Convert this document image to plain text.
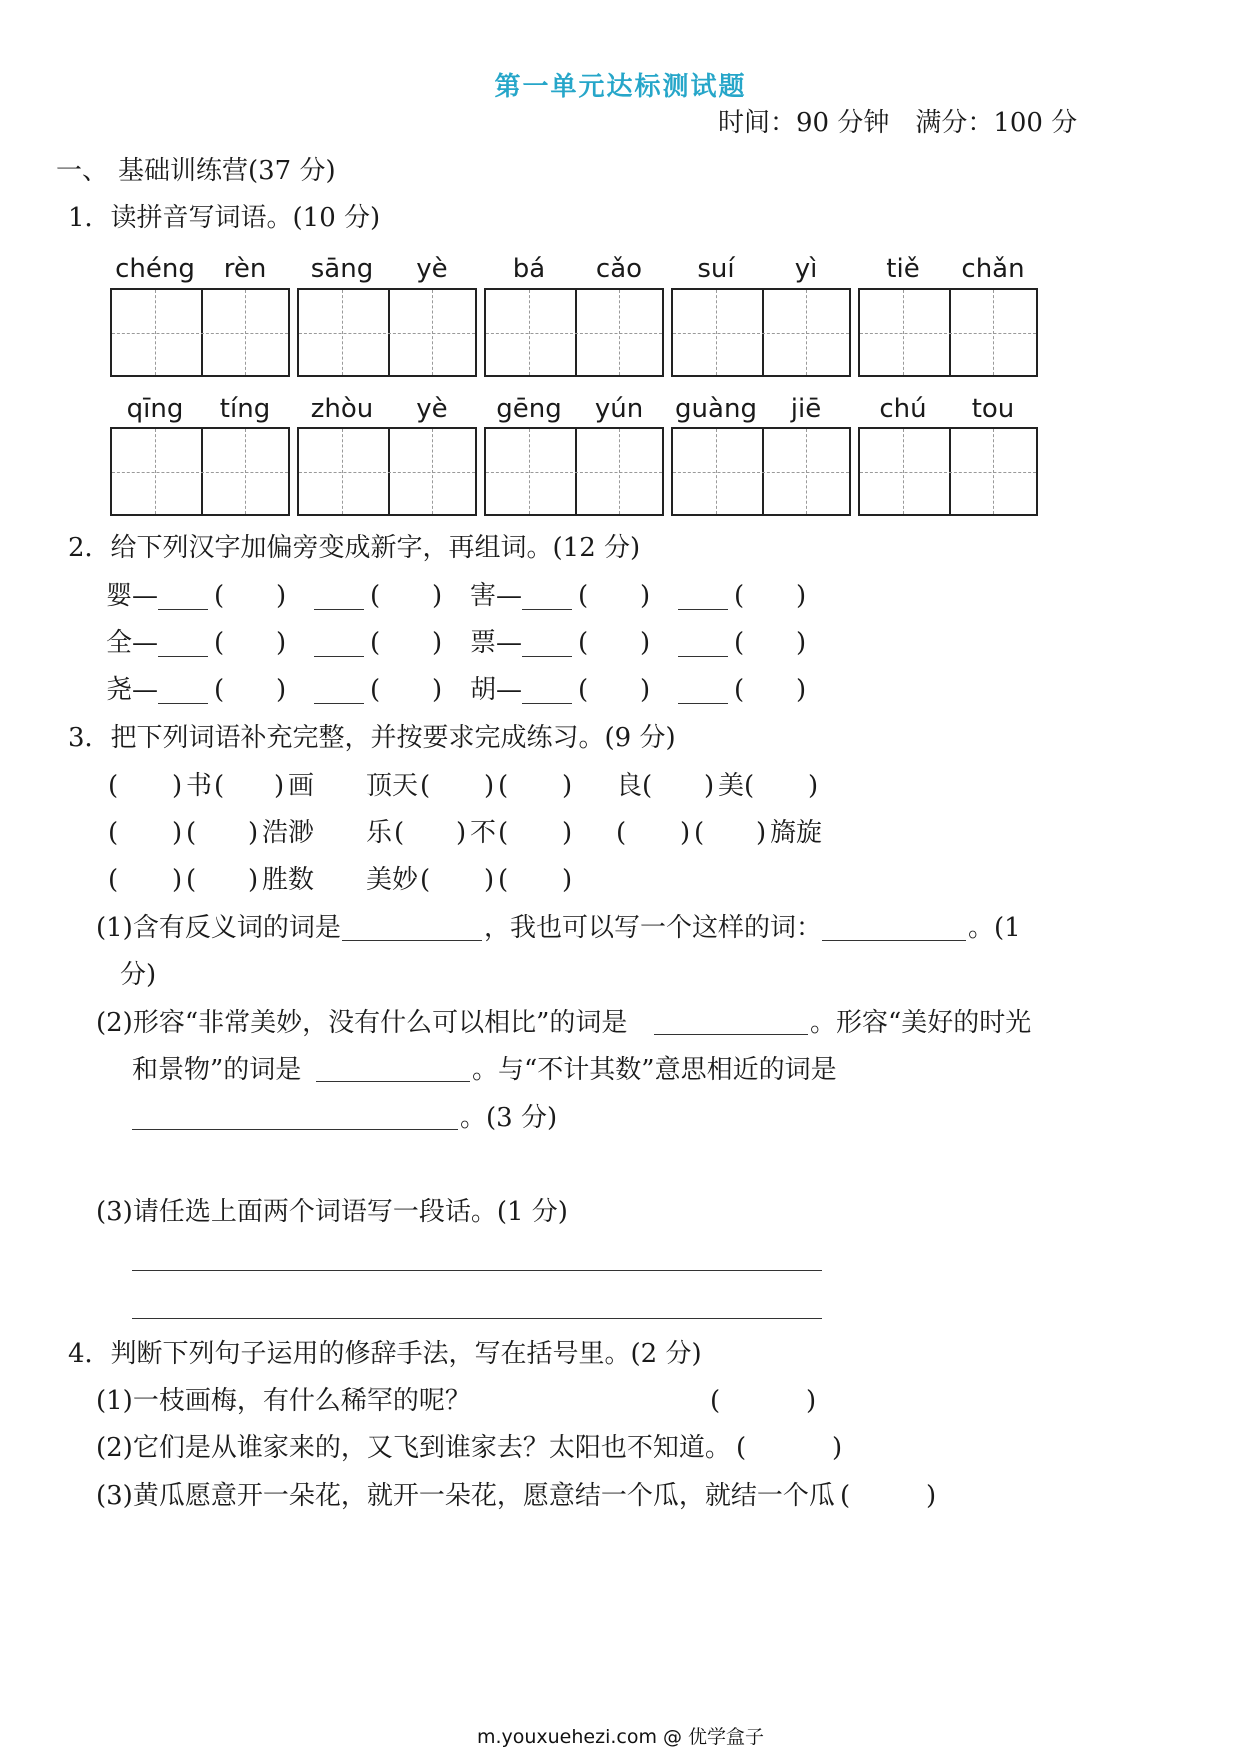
第一单元达标测试题
时间：90 分钟　满分：100 分
一、 基础训练营(37 分)
1．读拼音写词语。(10 分)
chéng	rèn	sāng	yè	bá	cǎo	suí	yì	tiě	chǎn
qīng	tíng	zhòu	yè	gēng	yún	guàng	jiē	chú	tou
2．给下列汉字加偏旁变成新字，再组词。(12 分)
婴 — ( )	( ) 害 — ( )	( )
全 — ( )	( ) 票 — ( )	( )
尧 — ( )	( ) 胡 — ( )	( )
3．把下列词语补充完整，并按要求完成练习。(9 分)
( ) 书 ( ) 画 顶天 ( ) ( ) 良 ( ) 美 ( )
( ) ( ) 浩渺 乐 ( ) 不 ( ) ( ) ( ) 旖旋
( ) ( ) 胜数 美妙 ( ) ( )
(1)含有反义词的词是	，我也可以写一个这样的词：	。(1
分)
(2)形容“非常美妙，没有什么可以相比”的词是	。形容“美好的时光
和景物”的词是	。与“不计其数”意思相近的词是
。(3 分)
(3)请任选上面两个词语写一段话。(1 分)
4．判断下列句子运用的修辞手法，写在括号里。(2 分)
(1)一枝画梅，有什么稀罕的呢？	(	)
(2)它们是从谁家来的，又飞到谁家去？太阳也不知道。 (	)
(3)黄瓜愿意开一朵花，就开一朵花，愿意结一个瓜，就结一个瓜 (	)
m.youxuehezi.com @ 优学盒子
